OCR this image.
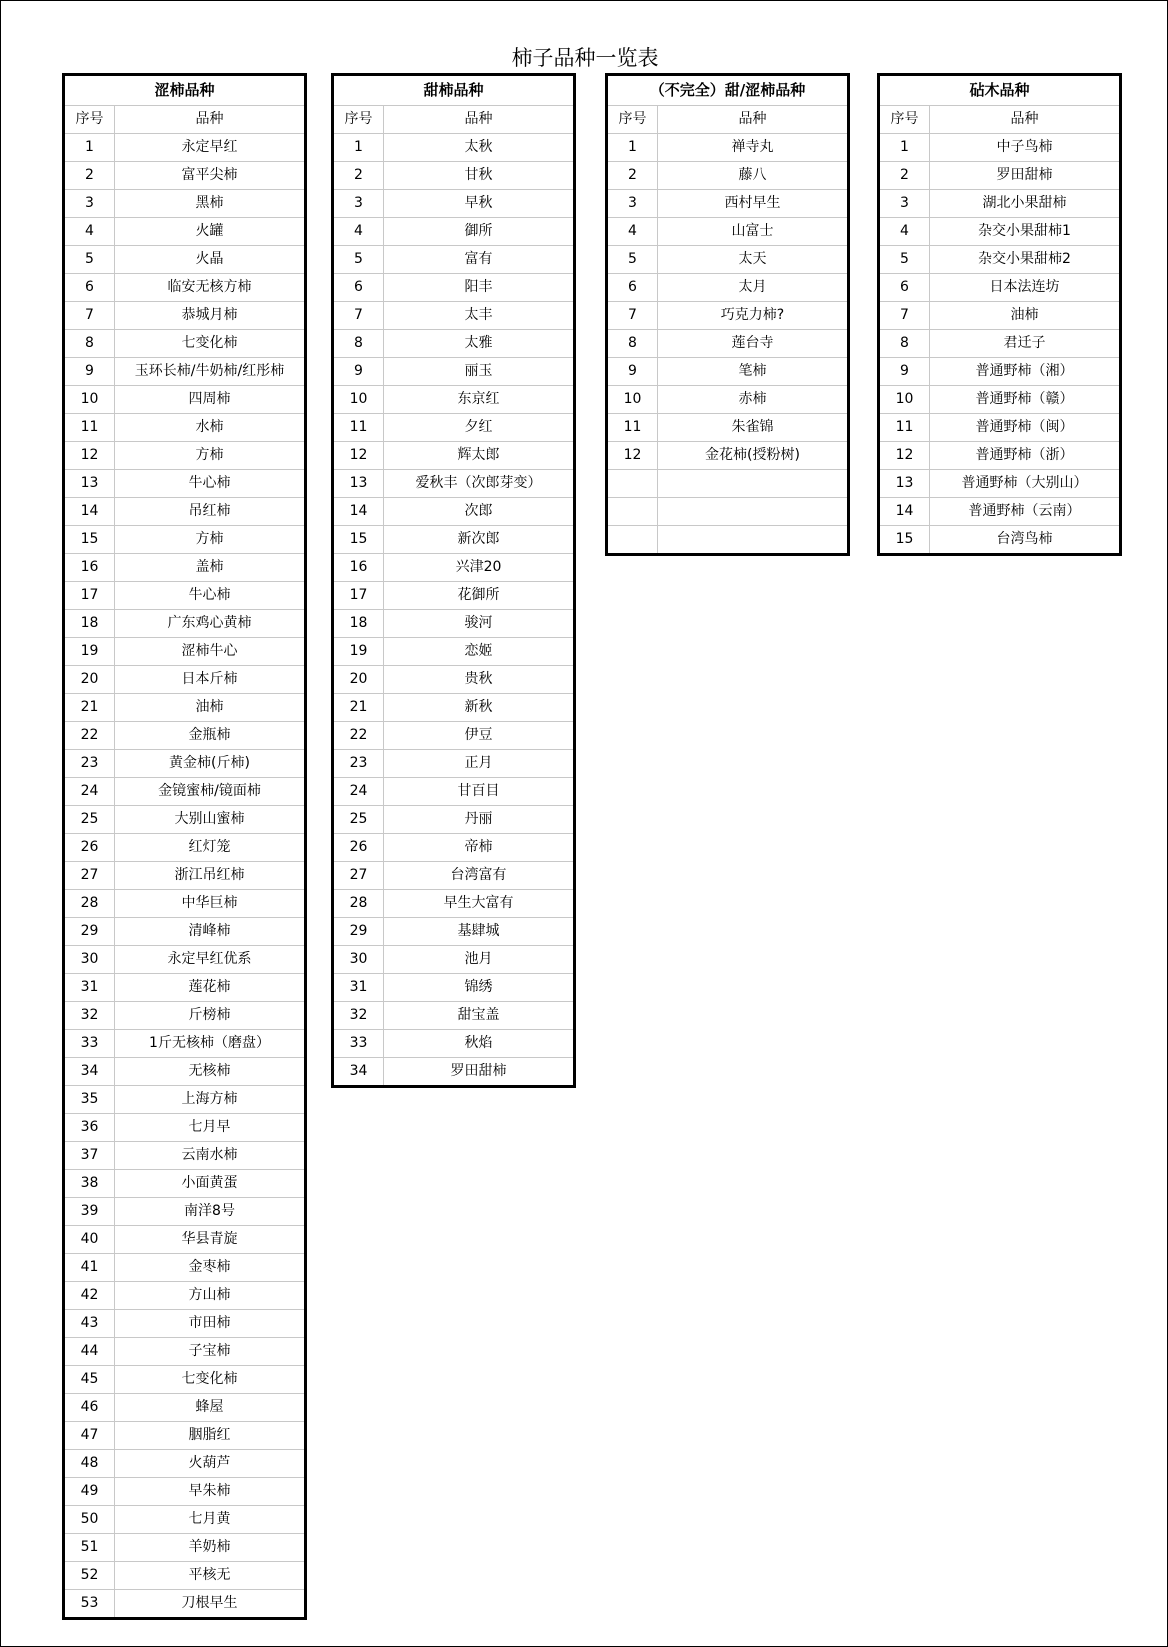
柿子品种一览表
涩柿品种	
序号	品种
1	永定早红
2	富平尖柿
3	黑柿
4	火罐
5	火晶
6	临安无核方柿
7	恭城月柿
8	七变化柿
9	玉环长柿/牛奶柿/红彤柿
10	四周柿
11	水柿
12	方柿
13	牛心柿
14	吊红柿
15	方柿
16	盖柿
17	牛心柿
18	广东鸡心黄柿
19	涩柿牛心
20	日本斤柿
21	油柿
22	金瓶柿
23	黄金柿(斤柿)
24	金镜蜜柿/镜面柿
25	大别山蜜柿
26	红灯笼
27	浙江吊红柿
28	中华巨柿
29	清峰柿
30	永定早红优系
31	莲花柿
32	斤榜柿
33	1斤无核柿（磨盘）
34	无核柿
35	上海方柿
36	七月早
37	云南水柿
38	小面黄蛋
39	南洋8号
40	华县青旋
41	金枣柿
42	方山柿
43	市田柿
44	子宝柿
45	七变化柿
46	蜂屋
47	胭脂红
48	火葫芦
49	早朱柿
50	七月黄
51	羊奶柿
52	平核无
53	刀根早生
甜柿品种	
序号	品种
1	太秋
2	甘秋
3	早秋
4	御所
5	富有
6	阳丰
7	太丰
8	太雅
9	丽玉
10	东京红
11	夕红
12	辉太郎
13	爱秋丰（次郎芽变）
14	次郎
15	新次郎
16	兴津20
17	花御所
18	骏河
19	恋姬
20	贵秋
21	新秋
22	伊豆
23	正月
24	甘百目
25	丹丽
26	帝柿
27	台湾富有
28	早生大富有
29	基肆城
30	池月
31	锦绣
32	甜宝盖
33	秋焰
34	罗田甜柿
（不完全）甜/涩柿品种	
序号	品种
1	禅寺丸
2	藤八
3	西村早生
4	山富士
5	太天
6	太月
7	巧克力柿?
8	莲台寺
9	笔柿
10	赤柿
11	朱雀锦
12	金花柿(授粉树)

砧木品种	
序号	品种
1	中子鸟柿
2	罗田甜柿
3	湖北小果甜柿
4	杂交小果甜柿1
5	杂交小果甜柿2
6	日本法连坊
7	油柿
8	君迁子
9	普通野柿（湘）
10	普通野柿（赣）
11	普通野柿（闽）
12	普通野柿（浙）
13	普通野柿（大别山）
14	普通野柿（云南）
15	台湾鸟柿
